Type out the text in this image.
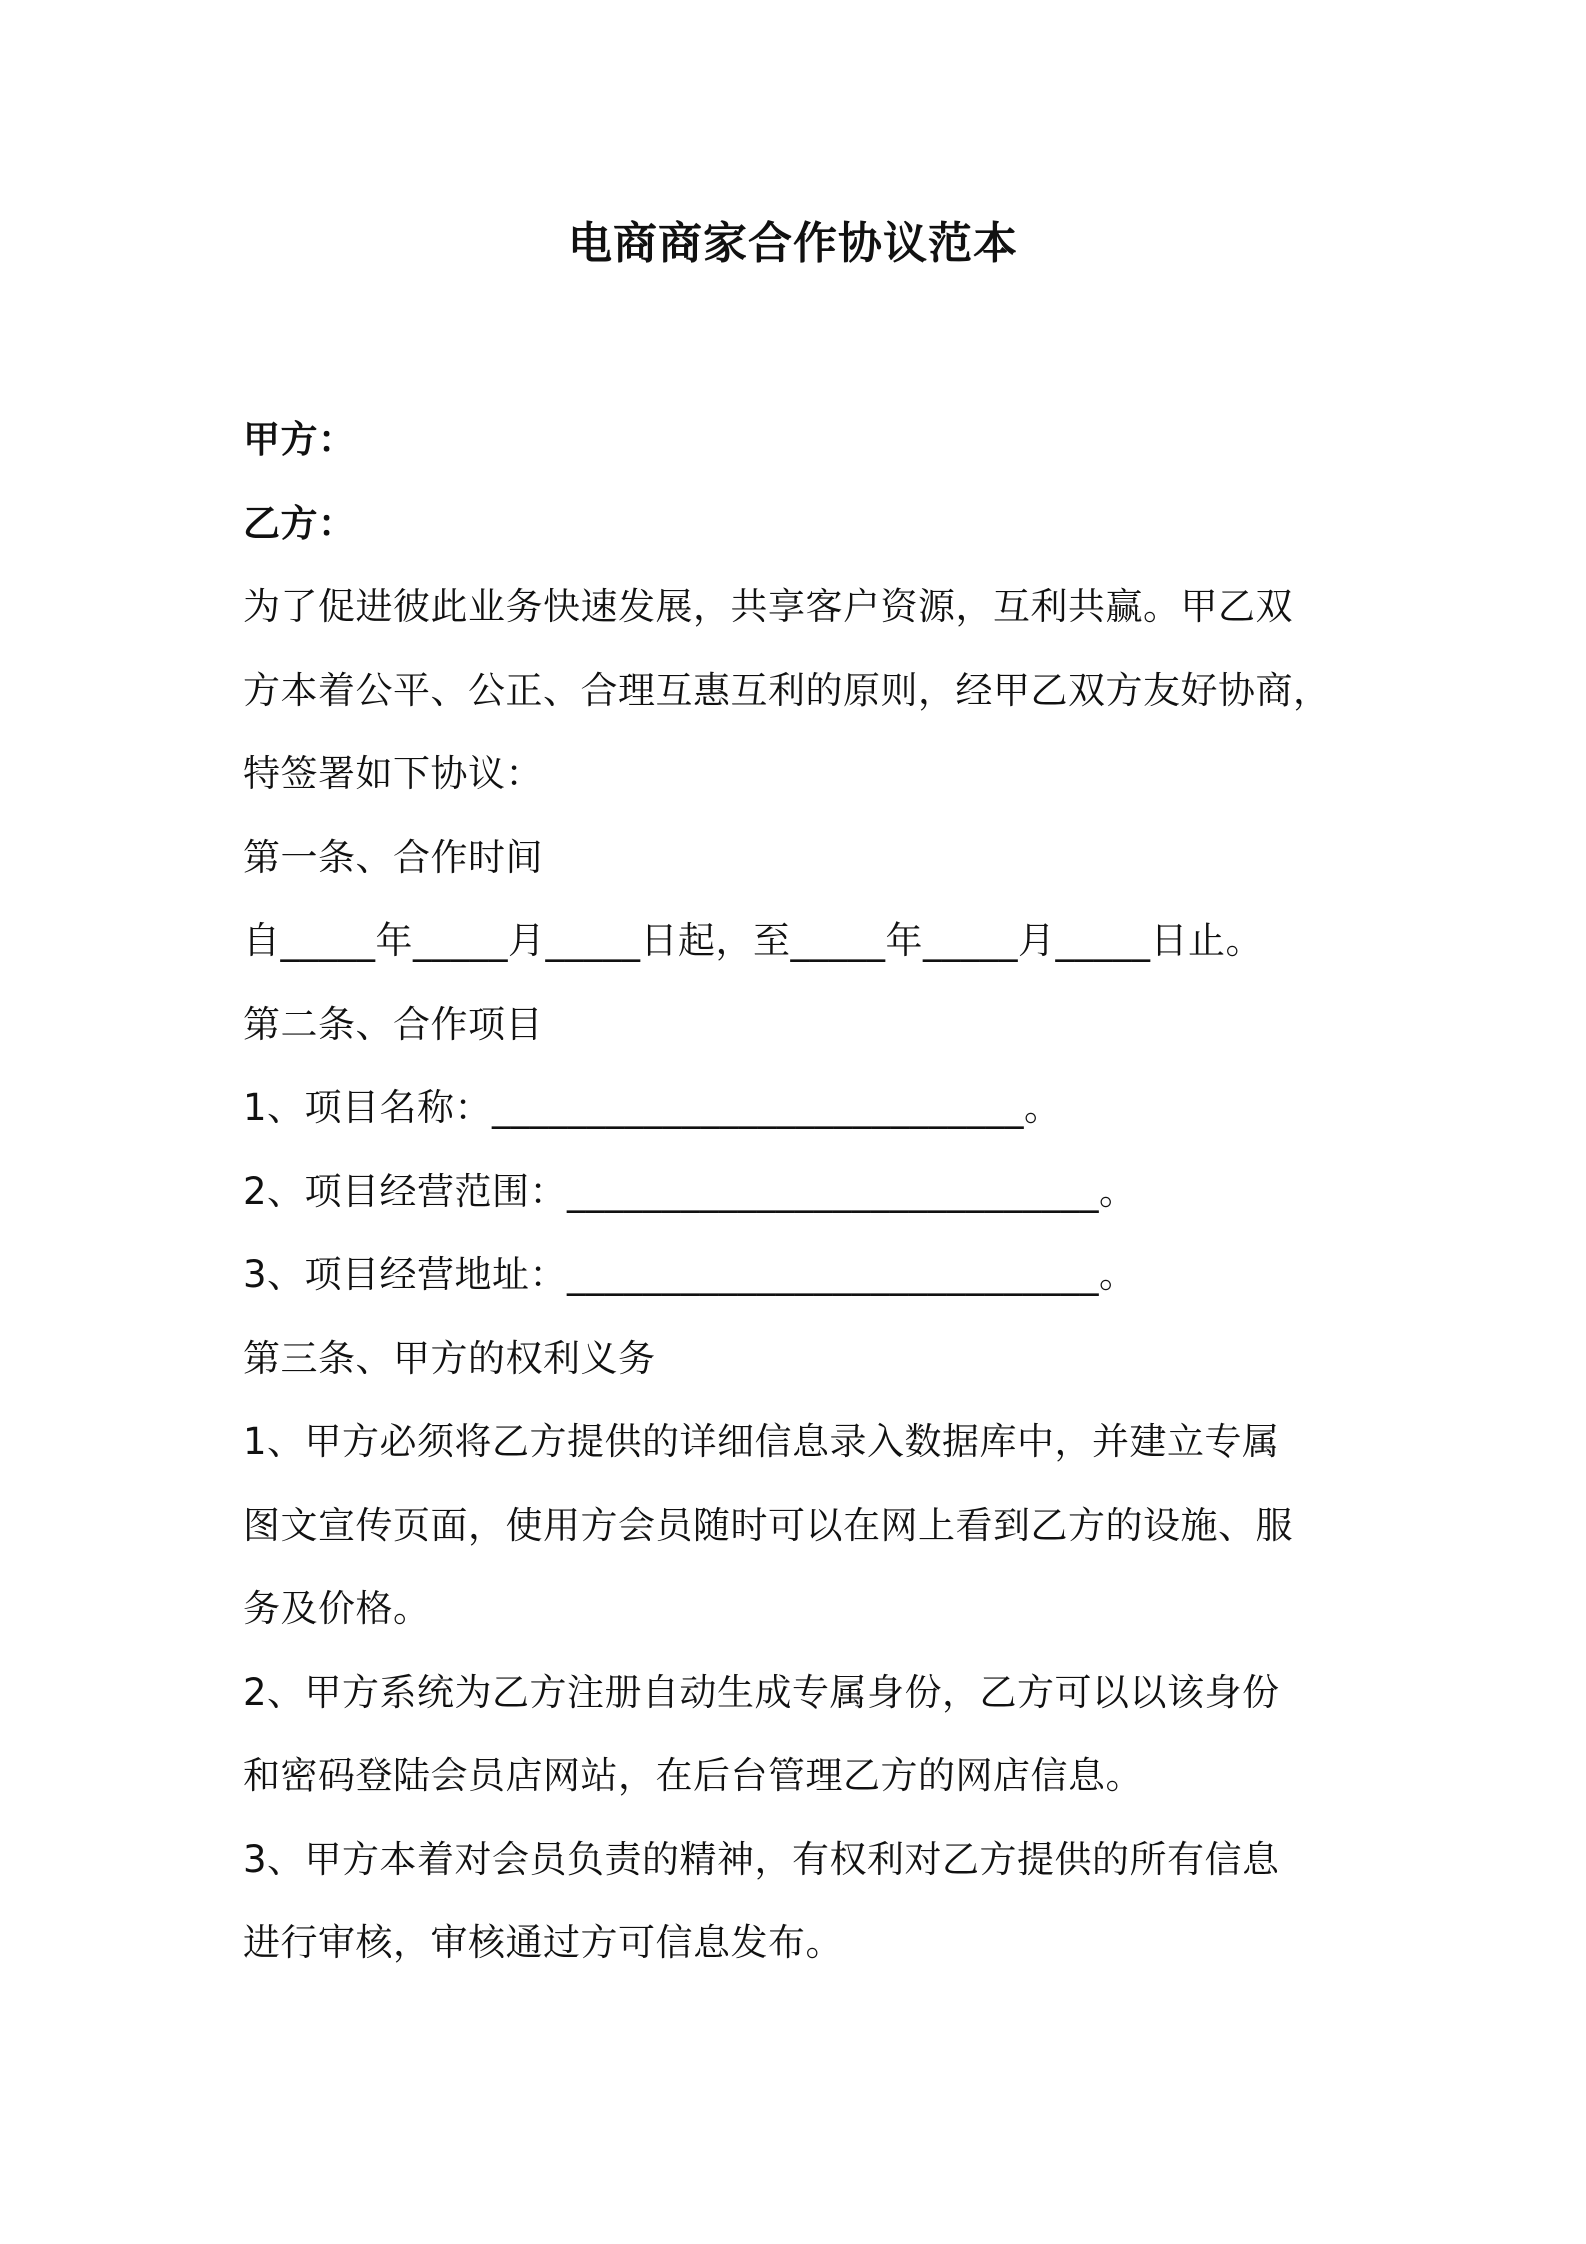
电商商家合作协议范本

甲方：

乙方：

为了促进彼此业务快速发展，共享客户资源，互利共赢。甲乙双

方本着公平、公正、合理互惠互利的原则，经甲乙双方友好协商，

特签署如下协议：

第一条、合作时间

自_____年_____月_____日起，至_____年_____月_____日止。

第二条、合作项目

1、项目名称：____________________________。

2、项目经营范围：____________________________。

3、项目经营地址：____________________________。

第三条、甲方的权利义务

1、甲方必须将乙方提供的详细信息录入数据库中，并建立专属

图文宣传页面，使用方会员随时可以在网上看到乙方的设施、服

务及价格。

2、甲方系统为乙方注册自动生成专属身份，乙方可以以该身份

和密码登陆会员店网站，在后台管理乙方的网店信息。

3、甲方本着对会员负责的精神，有权利对乙方提供的所有信息

进行审核，审核通过方可信息发布。
